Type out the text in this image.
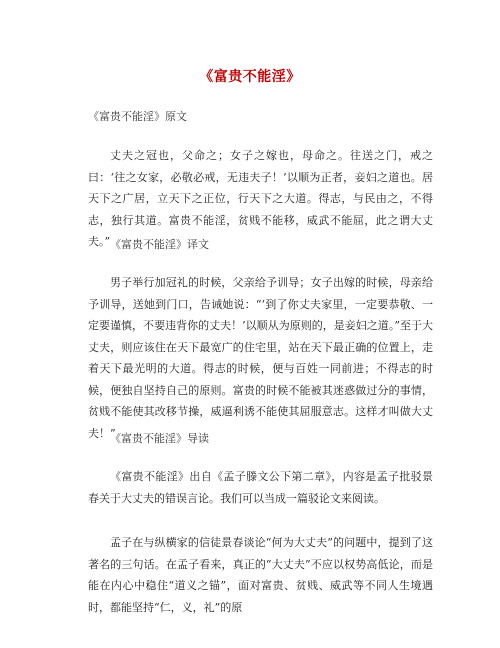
《富贵不能淫》
《富贵不能淫》原文
丈夫之冠也，父命之；女子之嫁也，母命之。往送之门，戒之曰：‘往之女家，必敬必戒，无违夫子！’以顺为正者，妾妇之道也。居天下之广居，立天下之正位，行天下之大道。得志，与民由之，不得志，独行其道。富贵不能淫，贫贱不能移，威武不能屈，此之谓大丈夫。” 《富贵不能淫》译文
男子举行加冠礼的时候，父亲给予训导；女子出嫁的时候，母亲给予训导，送她到门口，告诫她说：“‘到了你丈夫家里，一定要恭敬、一定要谨慎，不要违背你的丈夫！’以顺从为原则的，是妾妇之道。”至于大丈夫，则应该住在天下最宽广的住宅里，站在天下最正确的位置上，走着天下最光明的大道。得志的时候，便与百姓一同前进；不得志的时候，便独自坚持自己的原则。富贵的时候不能被其迷惑做过分的事情，贫贱不能使其改移节操，威逼利诱不能使其屈服意志。这样才叫做大丈夫！”
《富贵不能淫》导读
《富贵不能淫》出自《孟子滕文公下第二章》，内容是孟子批驳景春关于大丈夫的错误言论。我们可以当成一篇驳论文来阅读。
孟子在与纵横家的信徒景春谈论“何为大丈夫”的问题中，提到了这著名的三句话。在孟子看来，真正的“大丈夫”不应以权势高低论，而是能在内心中稳住“道义之锚”，面对富贵、贫贱、威武等不同人生境遇时，都能坚持“仁，义，礼”的原
